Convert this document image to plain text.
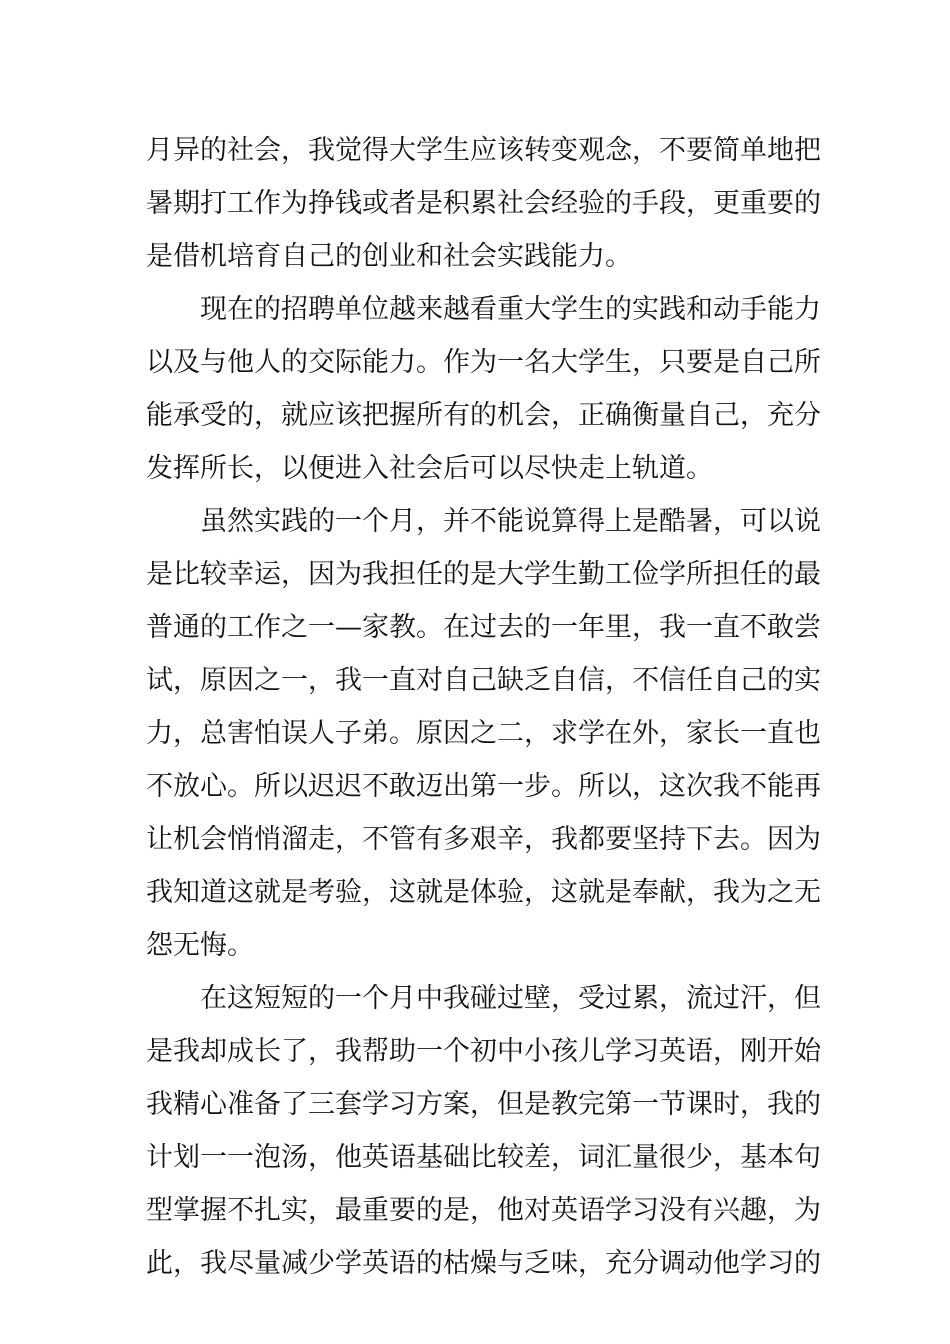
月异的社会，我觉得大学生应该转变观念，不要简单地把
暑期打工作为挣钱或者是积累社会经验的手段，更重要的
是借机培育自己的创业和社会实践能力。
现在的招聘单位越来越看重大学生的实践和动手能力
以及与他人的交际能力。作为一名大学生，只要是自己所
能承受的，就应该把握所有的机会，正确衡量自己，充分
发挥所长，以便进入社会后可以尽快走上轨道。
虽然实践的一个月，并不能说算得上是酷暑，可以说
是比较幸运，因为我担任的是大学生勤工俭学所担任的最
普通的工作之一—家教。在过去的一年里，我一直不敢尝
试，原因之一，我一直对自己缺乏自信，不信任自己的实
力，总害怕误人子弟。原因之二，求学在外，家长一直也
不放心。所以迟迟不敢迈出第一步。所以，这次我不能再
让机会悄悄溜走，不管有多艰辛，我都要坚持下去。因为
我知道这就是考验，这就是体验，这就是奉献，我为之无
怨无悔。
在这短短的一个月中我碰过壁，受过累，流过汗，但
是我却成长了，我帮助一个初中小孩儿学习英语，刚开始
我精心准备了三套学习方案，但是教完第一节课时，我的
计划一一泡汤，他英语基础比较差，词汇量很少，基本句
型掌握不扎实，最重要的是，他对英语学习没有兴趣，为
此，我尽量减少学英语的枯燥与乏味，充分调动他学习的
